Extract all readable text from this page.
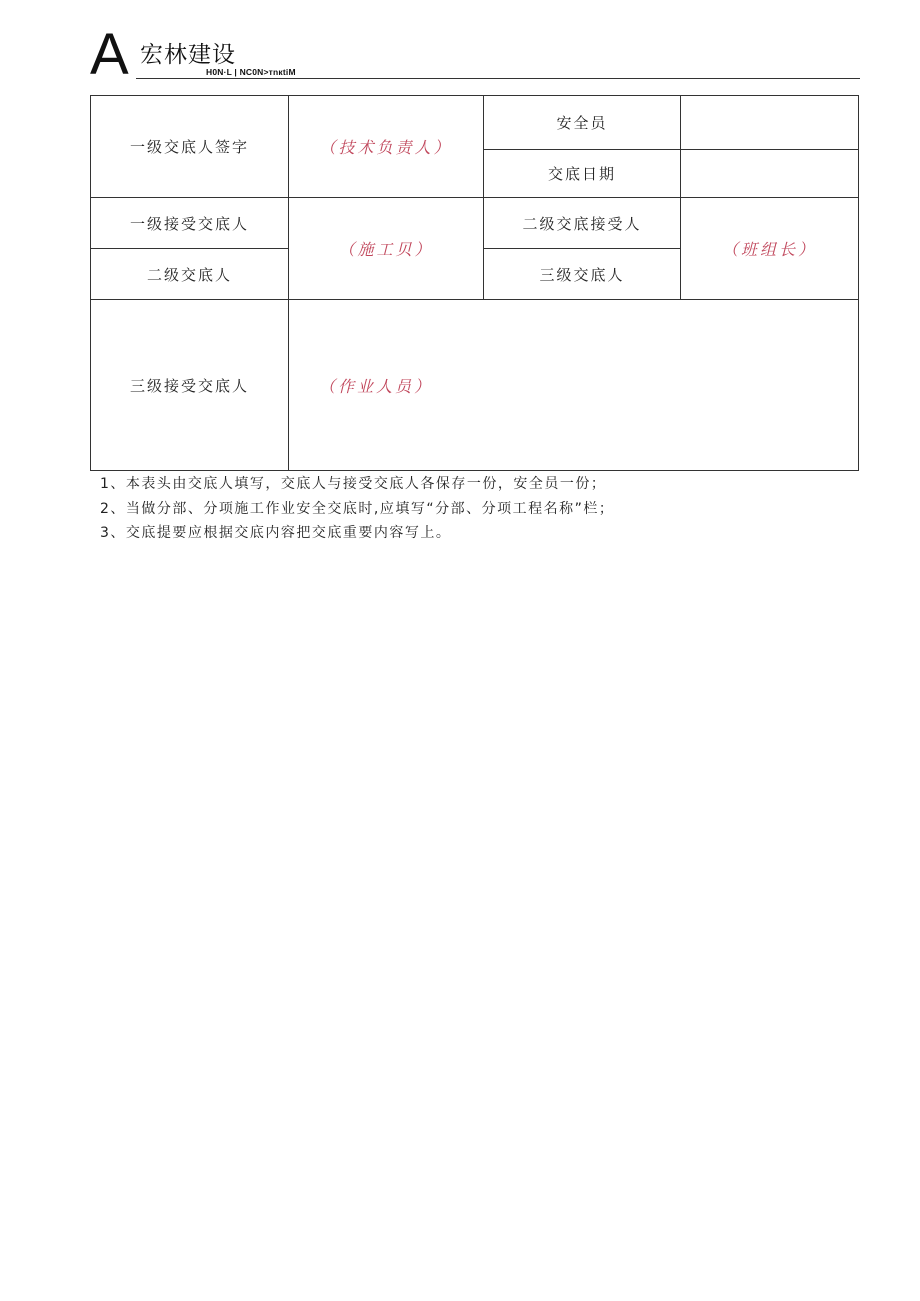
A 宏林建设
H0N·L | NC0N>тnкtiM
一级交底人签字	（技术负责人）	安全员	
		交底日期	
一级接受交底人	（施工贝）	二级交底接受人	（班组长）
二级交底人		三级交底人	
三级接受交底人	（作业人员）		
1、本表头由交底人填写，交底人与接受交底人各保存一份，安全员一份；
2、当做分部、分项施工作业安全交底时,应填写“分部、分项工程名称”栏；
3、交底提要应根据交底内容把交底重要内容写上。
